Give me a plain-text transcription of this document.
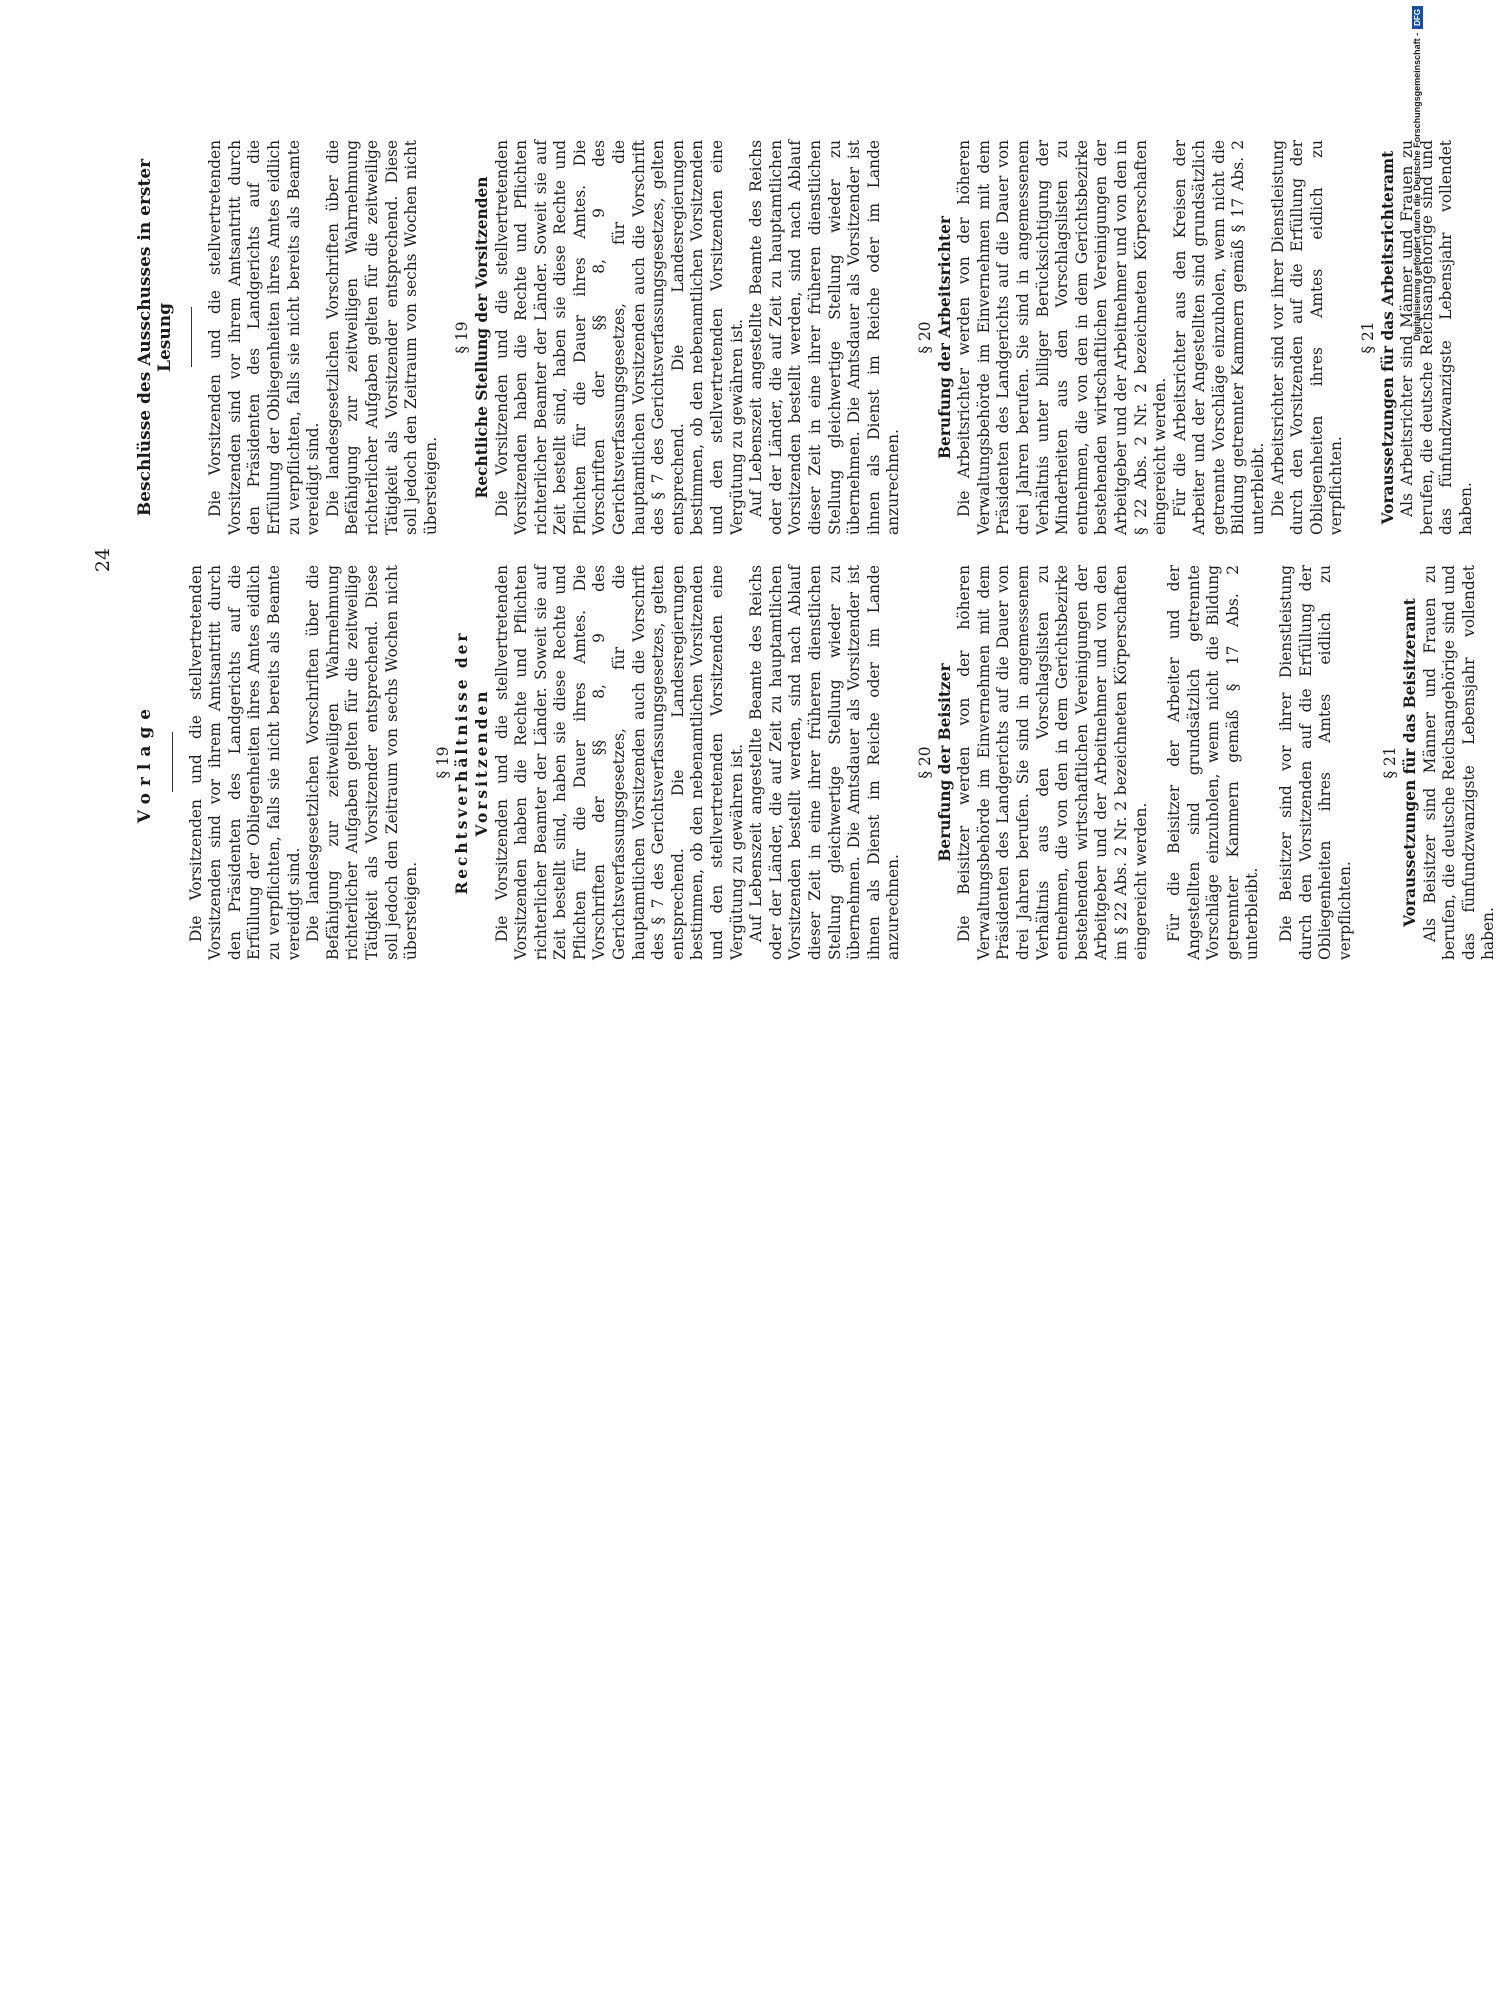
24
Vorlage Die Vorsitzenden und die stellvertretenden Vorsitzenden sind vor ihrem Amtsantritt durch den Präsidenten des Landgerichts auf die Erfüllung der Obliegenheiten ihres Amtes eidlich zu verpflichten, falls sie nicht bereits als Beamte vereidigt sind. Die landesgesetzlichen Vorschriften über die Befähigung zur zeitweiligen Wahrnehmung richterlicher Aufgaben gelten für die zeitweilige Tätigkeit als Vorsitzender entsprechend. Diese soll jedoch den Zeitraum von sechs Wochen nicht übersteigen.

§ 19 Rechtsverhältnisse der Vorsitzenden Die Vorsitzenden und die stellvertretenden Vorsitzenden haben die Rechte und Pflichten richterlicher Beamter der Länder. Soweit sie auf Zeit bestellt sind, haben sie diese Rechte und Pflichten für die Dauer ihres Amtes. Die Vorschriften der §§ 8, 9 des Gerichtsverfassungsgesetzes, für die hauptamtlichen Vorsitzenden auch die Vorschrift des § 7 des Gerichtsverfassungsgesetzes, gelten entsprechend. Die Landesregierungen bestimmen, ob den nebenamtlichen Vorsitzenden und den stellvertretenden Vorsitzenden eine Vergütung zu gewähren ist. Auf Lebenszeit angestellte Beamte des Reichs oder der Länder, die auf Zeit zu hauptamtlichen Vorsitzenden bestellt werden, sind nach Ablauf dieser Zeit in eine ihrer früheren dienstlichen Stellung gleichwertige Stellung wieder zu übernehmen. Die Amtsdauer als Vorsitzender ist ihnen als Dienst im Reiche oder im Lande anzurechnen.

§ 20 Berufung der Beisitzer Die Beisitzer werden von der höheren Verwaltungsbehörde im Einvernehmen mit dem Präsidenten des Landgerichts auf die Dauer von drei Jahren berufen. Sie sind in angemessenem Verhältnis aus den Vorschlagslisten zu entnehmen, die von den in dem Gerichtsbezirke bestehenden wirtschaftlichen Vereinigungen der Arbeitgeber und der Arbeitnehmer und von den im § 22 Abs. 2 Nr. 2 bezeichneten Körperschaften eingereicht werden. Für die Beisitzer der Arbeiter und der Angestellten sind grundsätzlich getrennte Vorschläge einzuholen, wenn nicht die Bildung getrennter Kammern gemäß § 17 Abs. 2 unterbleibt. Die Beisitzer sind vor ihrer Dienstleistung durch den Vorsitzenden auf die Erfüllung der Obliegenheiten ihres Amtes eidlich zu verpflichten.

§ 21 Voraussetzungen für das Beisitzeramt Als Beisitzer sind Männer und Frauen zu berufen, die deutsche Reichsangehörige sind und das fünfundzwanzigste Lebensjahr vollendet haben.

Beschlüsse des Ausschusses in erster Lesung Die Vorsitzenden und die stellvertretenden Vorsitzenden sind vor ihrem Amtsantritt durch den Präsidenten des Landgerichts auf die Erfüllung der Obliegenheiten ihres Amtes eidlich zu verpflichten, falls sie nicht bereits als Beamte vereidigt sind. Die landesgesetzlichen Vorschriften über die Befähigung zur zeitweiligen Wahrnehmung richterlicher Aufgaben gelten für die zeitweilige Tätigkeit als Vorsitzender entsprechend. Diese soll jedoch den Zeitraum von sechs Wochen nicht übersteigen.

§ 19 Rechtliche Stellung der Vorsitzenden Die Vorsitzenden und die stellvertretenden Vorsitzenden haben die Rechte und Pflichten richterlicher Beamter der Länder. Soweit sie auf Zeit bestellt sind, haben sie diese Rechte und Pflichten für die Dauer ihres Amtes. Die Vorschriften der §§ 8, 9 des Gerichtsverfassungsgesetzes, für die hauptamtlichen Vorsitzenden auch die Vorschrift des § 7 des Gerichtsverfassungsgesetzes, gelten entsprechend. Die Landesregierungen bestimmen, ob den nebenamtlichen Vorsitzenden und den stellvertretenden Vorsitzenden eine Vergütung zu gewähren ist. Auf Lebenszeit angestellte Beamte des Reichs oder der Länder, die auf Zeit zu hauptamtlichen Vorsitzenden bestellt werden, sind nach Ablauf dieser Zeit in eine ihrer früheren dienstlichen Stellung gleichwertige Stellung wieder zu übernehmen. Die Amtsdauer als Vorsitzender ist ihnen als Dienst im Reiche oder im Lande anzurechnen.

§ 20 Berufung der Arbeitsrichter Die Arbeitsrichter werden von der höheren Verwaltungsbehörde im Einvernehmen mit dem Präsidenten des Landgerichts auf die Dauer von drei Jahren berufen. Sie sind in angemessenem Verhältnis unter billiger Berücksichtigung der Minderheiten aus den Vorschlagslisten zu entnehmen, die von den in dem Gerichtsbezirke bestehenden wirtschaftlichen Vereinigungen der Arbeitgeber und der Arbeitnehmer und von den in § 22 Abs. 2 Nr. 2 bezeichneten Körperschaften eingereicht werden. Für die Arbeitsrichter aus den Kreisen der Arbeiter und der Angestellten sind grundsätzlich getrennte Vorschläge einzuholen, wenn nicht die Bildung getrennter Kammern gemäß § 17 Abs. 2 unterbleibt. Die Arbeitsrichter sind vor ihrer Dienstleistung durch den Vorsitzenden auf die Erfüllung der Obliegenheiten ihres Amtes eidlich zu verpflichten.

§ 21 Voraussetzungen für das Arbeitsrichteramt Als Arbeitsrichter sind Männer und Frauen zu berufen, die deutsche Reichsangehörige sind und das fünfundzwanzigste Lebensjahr vollendet haben.

Digitalisierung gefördert durch die Deutsche Forschungsgemeinschaft -
DFG
